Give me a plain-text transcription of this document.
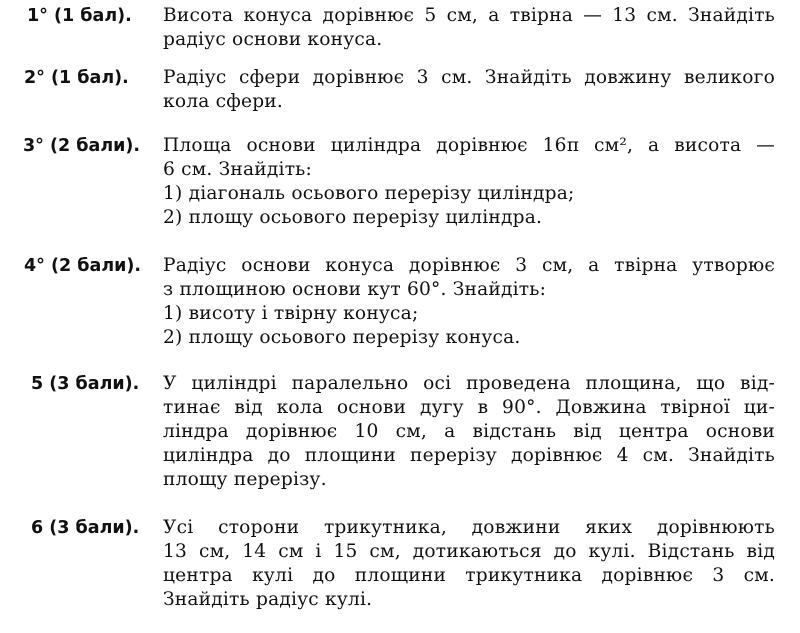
1° (1 бал). Висота конуса дорівнює 5 см, а твірна — 13 см. Знайдіть
радіус основи конуса.
2° (1 бал). Радіус сфери дорівнює 3 см. Знайдіть довжину великого
кола сфери.
3° (2 бали). Площа основи циліндра дорівнює 16π см², а висота —
6 см. Знайдіть:
1) діагональ осьового перерізу циліндра;
2) площу осьового перерізу циліндра.
4° (2 бали). Радіус основи конуса дорівнює 3 см, а твірна утворює
з площиною основи кут 60°. Знайдіть:
1) висоту і твірну конуса;
2) площу осьового перерізу конуса.
5 (3 бали). У циліндрі паралельно осі проведена площина, що від-
тинає від кола основи дугу в 90°. Довжина твірної ци-
ліндра дорівнює 10 см, а відстань від центра основи
циліндра до площини перерізу дорівнює 4 см. Знайдіть
площу перерізу.
6 (3 бали). Усі сторони трикутника, довжини яких дорівнюють
13 см, 14 см і 15 см, дотикаються до кулі. Відстань від
центра кулі до площини трикутника дорівнює 3 см.
Знайдіть радіус кулі.
